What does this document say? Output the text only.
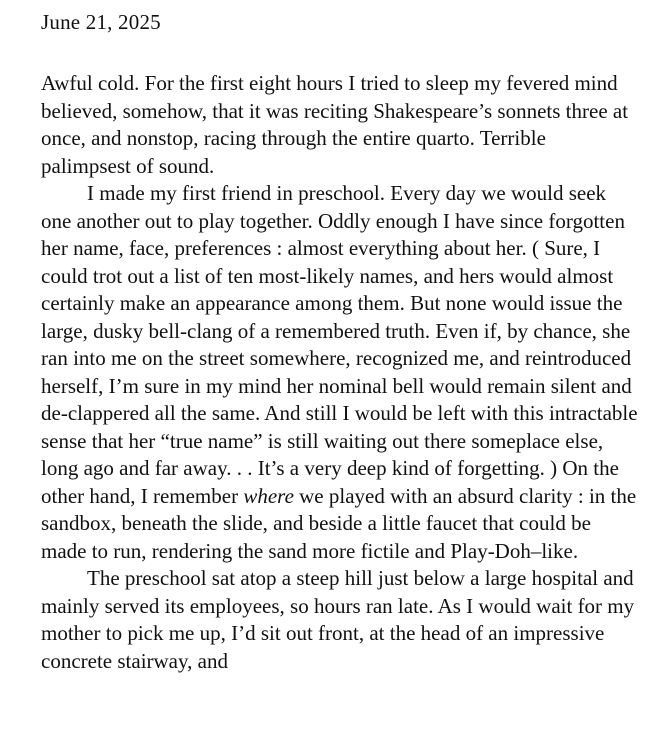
June 21, 2025

Awful cold. For the first eight hours I tried to sleep my fevered mind believed, somehow, that it was reciting Shakespeare’s sonnets three at once, and nonstop, racing through the entire quarto. Terrible palimpsest of sound.

I made my first friend in preschool. Every day we would seek one another out to play together. Oddly enough I have since forgotten her name, face, preferences : almost everything about her. ( Sure, I could trot out a list of ten most-likely names, and hers would almost certainly make an appearance among them. But none would issue the large, dusky bell-clang of a remembered truth. Even if, by chance, she ran into me on the street somewhere, recognized me, and reintroduced herself, I’m sure in my mind her nominal bell would remain silent and de-clappered all the same. And still I would be left with this intractable sense that her “true name” is still waiting out there someplace else, long ago and far away. . . It’s a very deep kind of forgetting. ) On the other hand, I remember where we played with an absurd clarity : in the sandbox, beneath the slide, and beside a little faucet that could be made to run, rendering the sand more fictile and Play-Doh–like.

The preschool sat atop a steep hill just below a large hospital and mainly served its employees, so hours ran late. As I would wait for my mother to pick me up, I’d sit out front, at the head of an impressive concrete stairway, and
